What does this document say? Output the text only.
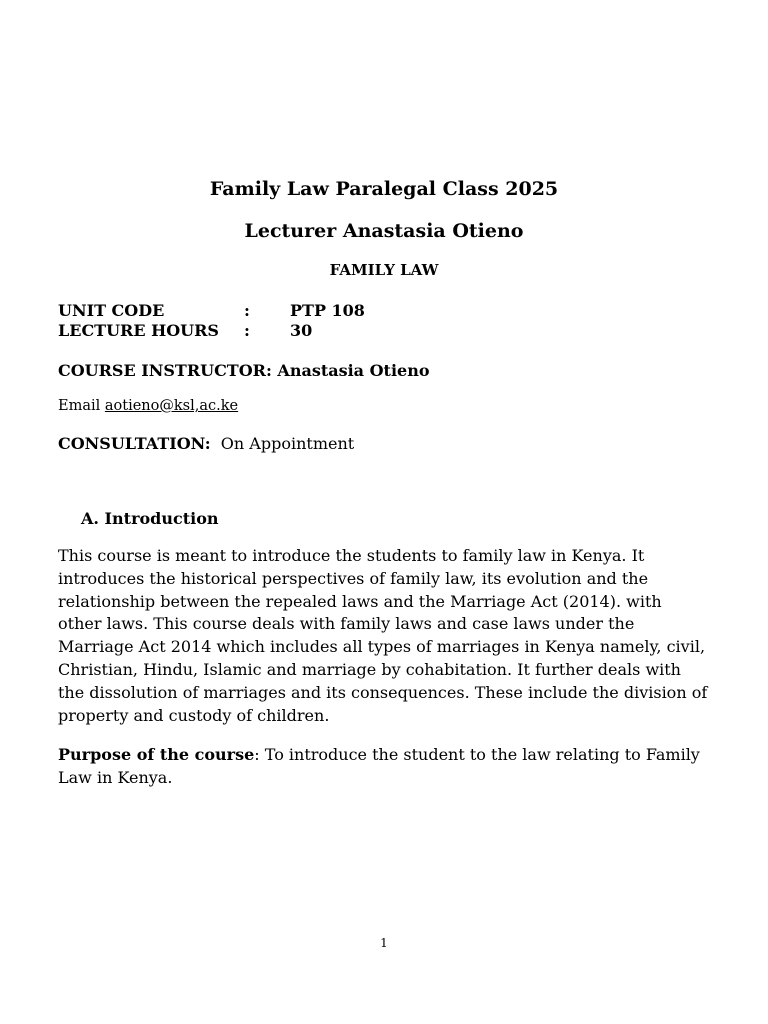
Family Law Paralegal Class 2025
Lecturer Anastasia Otieno
FAMILY LAW
UNIT CODE	:	PTP 108
LECTURE HOURS :	30
COURSE INSTRUCTOR: Anastasia Otieno
Email aotieno@ksl,ac.ke
CONSULTATION: On Appointment
A. Introduction
This course is meant to introduce the students to family law in Kenya. It introduces the historical perspectives of family law, its evolution and the relationship between the repealed laws and the Marriage Act (2014). with other laws. This course deals with family laws and case laws under the Marriage Act 2014 which includes all types of marriages in Kenya namely, civil, Christian, Hindu, Islamic and marriage by cohabitation. It further deals with the dissolution of marriages and its consequences. These include the division of property and custody of children.
Purpose of the course: To introduce the student to the law relating to Family Law in Kenya.
1
